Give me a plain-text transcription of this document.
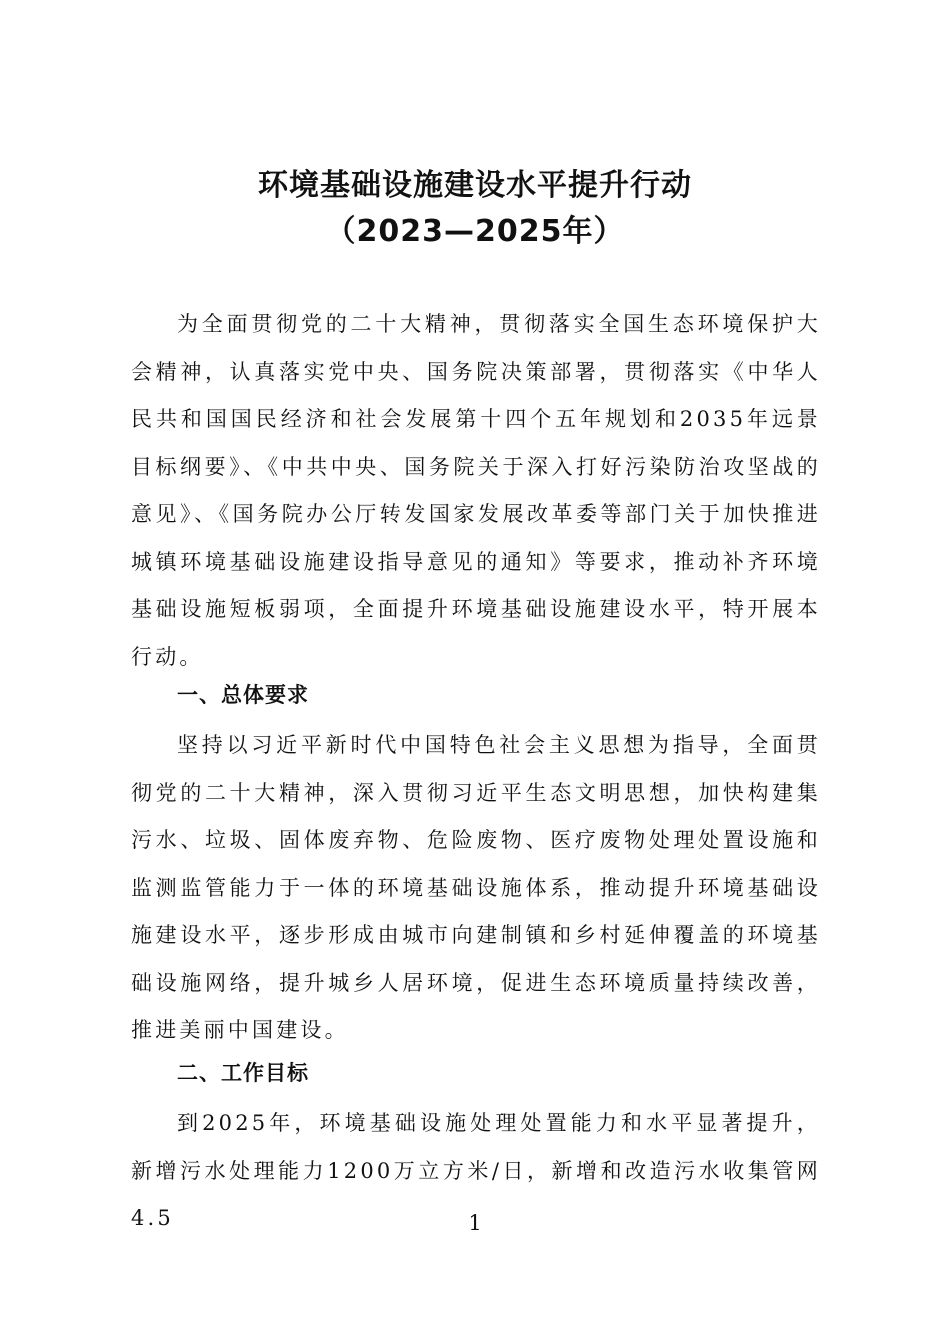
环境基础设施建设水平提升行动
（2023—2025年）

为全面贯彻党的二十大精神，贯彻落实全国生态环境保护大会精神，认真落实党中央、国务院决策部署，贯彻落实《中华人民共和国国民经济和社会发展第十四个五年规划和2035年远景目标纲要》、《中共中央、国务院关于深入打好污染防治攻坚战的意见》、《国务院办公厅转发国家发展改革委等部门关于加快推进城镇环境基础设施建设指导意见的通知》等要求，推动补齐环境基础设施短板弱项，全面提升环境基础设施建设水平，特开展本行动。

一、总体要求

坚持以习近平新时代中国特色社会主义思想为指导，全面贯彻党的二十大精神，深入贯彻习近平生态文明思想，加快构建集污水、垃圾、固体废弃物、危险废物、医疗废物处理处置设施和监测监管能力于一体的环境基础设施体系，推动提升环境基础设施建设水平，逐步形成由城市向建制镇和乡村延伸覆盖的环境基础设施网络，提升城乡人居环境，促进生态环境质量持续改善，推进美丽中国建设。

二、工作目标

到2025年，环境基础设施处理处置能力和水平显著提升，新增污水处理能力1200万立方米/日，新增和改造污水收集管网4.5	1
